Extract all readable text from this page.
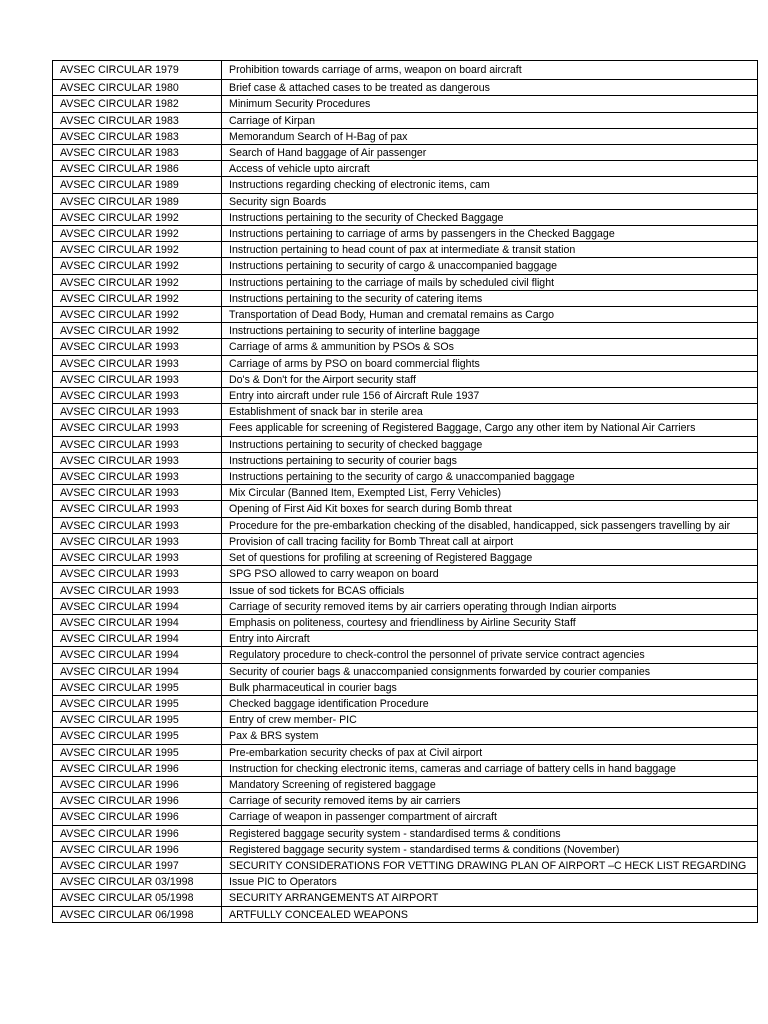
AVSEC CIRCULAR 1979	Prohibition towards carriage of arms, weapon on board aircraft
AVSEC CIRCULAR 1980	Brief case & attached cases to be treated as dangerous
AVSEC CIRCULAR 1982	Minimum Security Procedures
AVSEC CIRCULAR 1983	Carriage of Kirpan
AVSEC CIRCULAR 1983	Memorandum Search of H-Bag of pax
AVSEC CIRCULAR 1983	Search of Hand baggage of Air passenger
AVSEC CIRCULAR 1986	Access of vehicle upto aircraft
AVSEC CIRCULAR 1989	Instructions regarding checking of electronic items, cam
AVSEC CIRCULAR 1989	Security sign Boards
AVSEC CIRCULAR 1992	Instructions pertaining to the security of Checked Baggage
AVSEC CIRCULAR 1992	Instructions pertaining to carriage of arms by passengers in the Checked Baggage
AVSEC CIRCULAR 1992	Instruction pertaining to head count of pax at intermediate & transit station
AVSEC CIRCULAR 1992	Instructions pertaining to security of cargo & unaccompanied baggage
AVSEC CIRCULAR 1992	Instructions pertaining to the carriage of mails by scheduled civil flight
AVSEC CIRCULAR 1992	Instructions pertaining to the security of catering items
AVSEC CIRCULAR 1992	Transportation of Dead Body, Human and crematal remains as Cargo
AVSEC CIRCULAR 1992	Instructions pertaining to security of interline baggage
AVSEC CIRCULAR 1993	Carriage of arms & ammunition by PSOs & SOs
AVSEC CIRCULAR 1993	Carriage of arms by PSO on board commercial flights
AVSEC CIRCULAR 1993	Do's & Don't for the Airport security staff
AVSEC CIRCULAR 1993	Entry into aircraft under rule 156 of Aircraft Rule 1937
AVSEC CIRCULAR 1993	Establishment of snack bar in sterile area
AVSEC CIRCULAR 1993	Fees applicable for screening of Registered Baggage, Cargo any other item by National Air Carriers
AVSEC CIRCULAR 1993	Instructions pertaining to security of checked baggage
AVSEC CIRCULAR 1993	Instructions pertaining to security of courier bags
AVSEC CIRCULAR 1993	Instructions pertaining to the security of cargo & unaccompanied baggage
AVSEC CIRCULAR 1993	Mix Circular (Banned Item, Exempted List, Ferry Vehicles)
AVSEC CIRCULAR 1993	Opening of First Aid Kit boxes for search during Bomb threat
AVSEC CIRCULAR 1993	Procedure for the pre-embarkation checking of the disabled, handicapped, sick passengers travelling by air
AVSEC CIRCULAR 1993	Provision of call tracing facility for Bomb Threat call at airport
AVSEC CIRCULAR 1993	Set of questions for profiling at screening of Registered Baggage
AVSEC CIRCULAR 1993	SPG PSO allowed to carry weapon on board
AVSEC CIRCULAR 1993	Issue of sod tickets for BCAS officials
AVSEC CIRCULAR 1994	Carriage of security removed items by air carriers operating through Indian airports
AVSEC CIRCULAR 1994	Emphasis on politeness, courtesy and friendliness by Airline Security Staff
AVSEC CIRCULAR 1994	Entry into Aircraft
AVSEC CIRCULAR 1994	Regulatory procedure to check-control the personnel of private service contract agencies
AVSEC CIRCULAR 1994	Security of courier bags & unaccompanied consignments forwarded by courier companies
AVSEC CIRCULAR 1995	Bulk pharmaceutical in courier bags
AVSEC CIRCULAR 1995	Checked baggage identification Procedure
AVSEC CIRCULAR 1995	Entry of crew member- PIC
AVSEC CIRCULAR 1995	Pax & BRS system
AVSEC CIRCULAR 1995	Pre-embarkation security checks of pax at Civil airport
AVSEC CIRCULAR 1996	Instruction for checking electronic items, cameras and carriage of battery cells in hand baggage
AVSEC CIRCULAR 1996	Mandatory Screening of registered baggage
AVSEC CIRCULAR 1996	Carriage of security removed items by air carriers
AVSEC CIRCULAR 1996	Carriage of weapon in passenger compartment of aircraft
AVSEC CIRCULAR 1996	Registered baggage security system - standardised terms & conditions
AVSEC CIRCULAR 1996	Registered baggage security system - standardised terms & conditions (November)
AVSEC CIRCULAR 1997	SECURITY CONSIDERATIONS FOR VETTING DRAWING PLAN OF AIRPORT –C HECK LIST REGARDING
AVSEC CIRCULAR 03/1998	Issue PIC to Operators
AVSEC CIRCULAR 05/1998	SECURITY ARRANGEMENTS AT AIRPORT
AVSEC CIRCULAR 06/1998	ARTFULLY CONCEALED WEAPONS
